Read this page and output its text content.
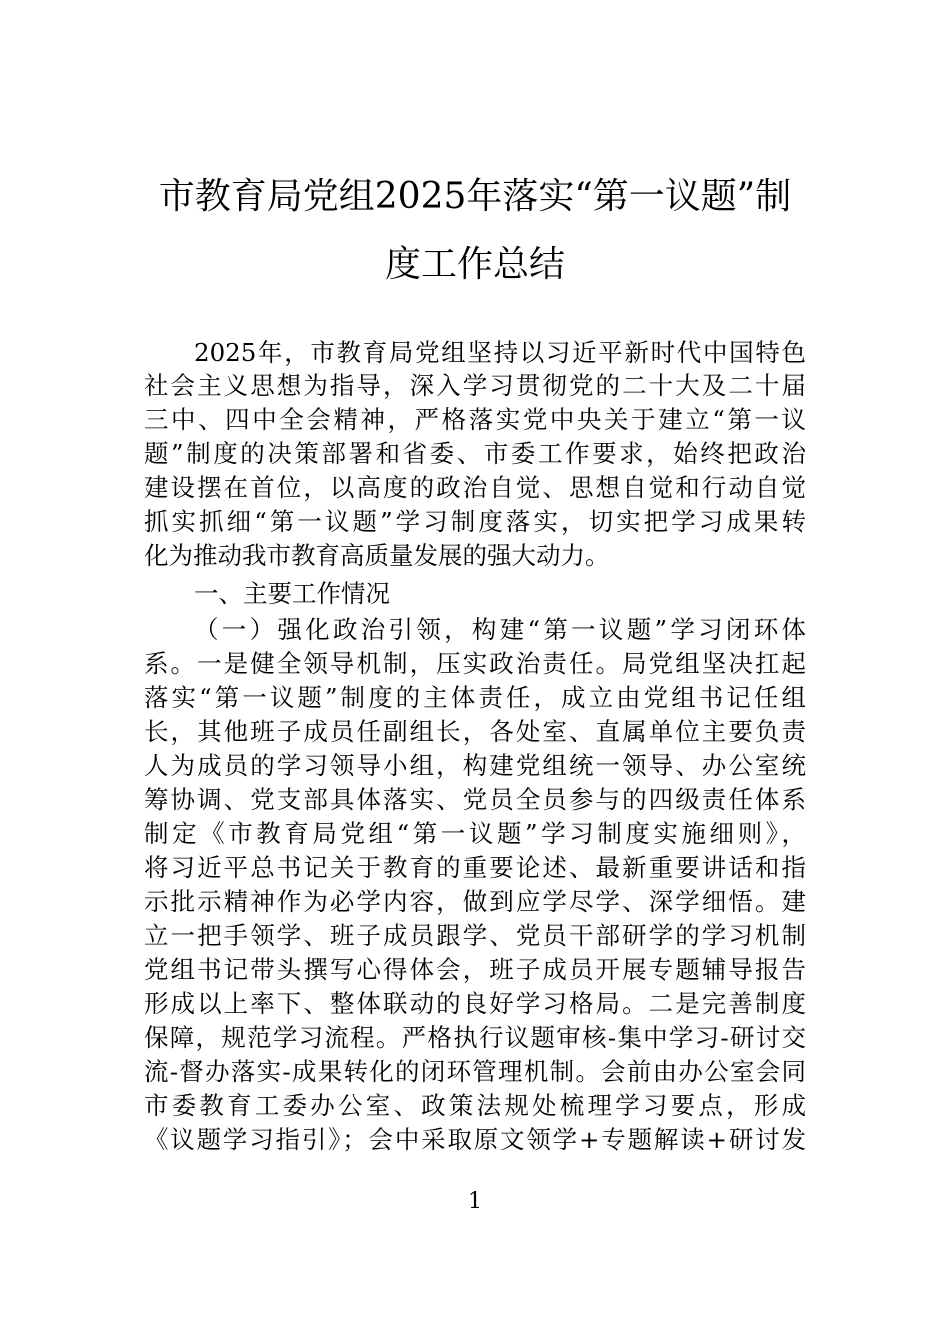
市教育局党组2025年落实“第一议题”制
度工作总结
2025年，市教育局党组坚持以习近平新时代中国特色
社会主义思想为指导，深入学习贯彻党的二十大及二十届
三中、四中全会精神，严格落实党中央关于建立“第一议
题”制度的决策部署和省委、市委工作要求，始终把政治
建设摆在首位，以高度的政治自觉、思想自觉和行动自觉
抓实抓细“第一议题”学习制度落实，切实把学习成果转
化为推动我市教育高质量发展的强大动力。
一、主要工作情况
（一）强化政治引领，构建“第一议题”学习闭环体
系。一是健全领导机制，压实政治责任。局党组坚决扛起
落实“第一议题”制度的主体责任，成立由党组书记任组
长，其他班子成员任副组长，各处室、直属单位主要负责
人为成员的学习领导小组，构建党组统一领导、办公室统
筹协调、党支部具体落实、党员全员参与的四级责任体系
制定《市教育局党组“第一议题”学习制度实施细则》，
将习近平总书记关于教育的重要论述、最新重要讲话和指
示批示精神作为必学内容，做到应学尽学、深学细悟。建
立一把手领学、班子成员跟学、党员干部研学的学习机制
党组书记带头撰写心得体会，班子成员开展专题辅导报告
形成以上率下、整体联动的良好学习格局。二是完善制度
保障，规范学习流程。严格执行议题审核-集中学习-研讨交
流-督办落实-成果转化的闭环管理机制。会前由办公室会同
市委教育工委办公室、政策法规处梳理学习要点，形成
《议题学习指引》；会中采取原文领学+专题解读+研讨发
1
